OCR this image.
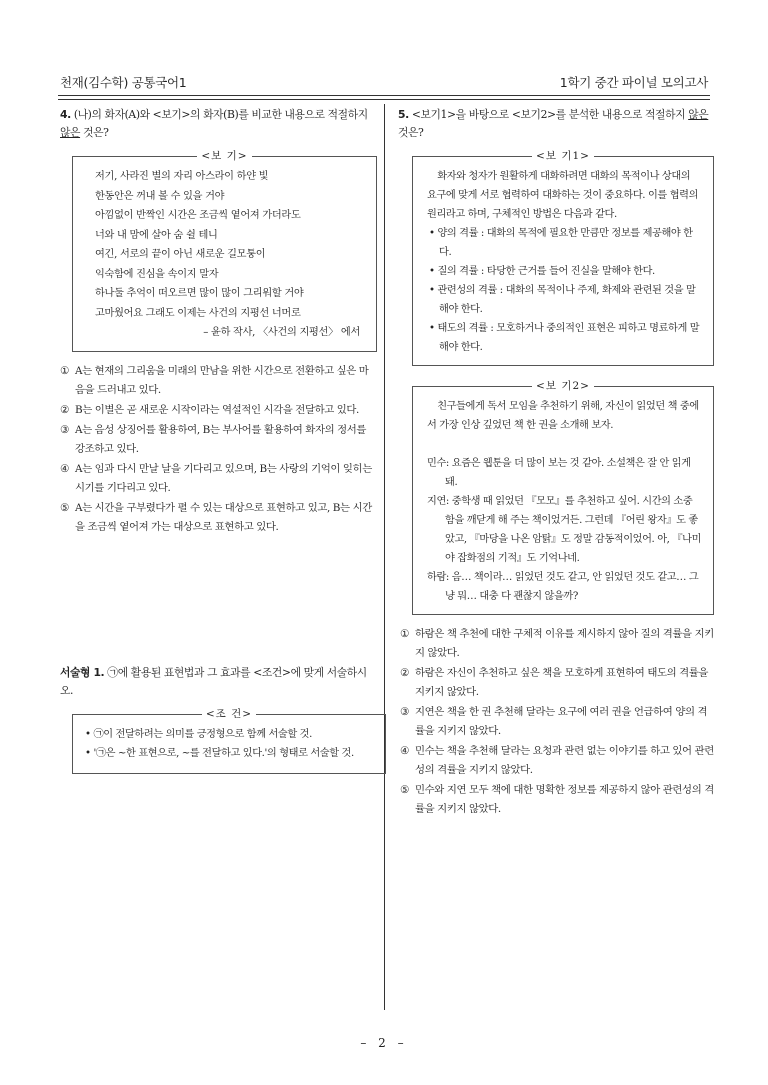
천재(김수학) 공통국어1	1학기 중간 파이널 모의고사
4. (나)의 화자(A)와 <보기>의 화자(B)를 비교한 내용으로 적절하지 않은 것은?
<보 기>
저기, 사라진 별의 자리 아스라이 하얀 빛
한동안은 꺼내 볼 수 있을 거야
아낌없이 반짝인 시간은 조금씩 옅어져 가더라도
너와 내 맘에 살아 숨 쉴 테니
여긴, 서로의 끝이 아닌 새로운 길모퉁이
익숙함에 진심을 속이지 말자
하나둘 추억이 떠오르면 많이 많이 그리워할 거야
고마웠어요 그래도 이제는 사건의 지평선 너머로
– 윤하 작사, 〈사건의 지평선〉 에서
① A는 현재의 그리움을 미래의 만남을 위한 시간으로 전환하고 싶은 마음을 드러내고 있다.
② B는 이별은 곧 새로운 시작이라는 역설적인 시각을 전달하고 있다.
③ A는 음성 상징어를 활용하여, B는 부사어를 활용하여 화자의 정서를 강조하고 있다.
④ A는 임과 다시 만날 날을 기다리고 있으며, B는 사랑의 기억이 잊히는 시기를 기다리고 있다.
⑤ A는 시간을 구부렸다가 펼 수 있는 대상으로 표현하고 있고, B는 시간을 조금씩 옅어져 가는 대상으로 표현하고 있다.
서술형 1. ㉠에 활용된 표현법과 그 효과를 <조건>에 맞게 서술하시오.
<조 건>
• ㉠이 전달하려는 의미를 긍정형으로 함께 서술할 것.
• '㉠은 ~한 표현으로, ~를 전달하고 있다.'의 형태로 서술할 것.
5. <보기1>을 바탕으로 <보기2>를 분석한 내용으로 적절하지 않은 것은?
<보 기1>
화자와 청자가 원활하게 대화하려면 대화의 목적이나 상대의 요구에 맞게 서로 협력하여 대화하는 것이 중요하다. 이를 협력의 원리라고 하며, 구체적인 방법은 다음과 같다.
• 양의 격률 : 대화의 목적에 필요한 만큼만 정보를 제공해야 한다.
• 질의 격률 : 타당한 근거를 들어 진실을 말해야 한다.
• 관련성의 격률 : 대화의 목적이나 주제, 화제와 관련된 것을 말해야 한다.
• 태도의 격률 : 모호하거나 중의적인 표현은 피하고 명료하게 말해야 한다.
<보 기2>
친구들에게 독서 모임을 추천하기 위해, 자신이 읽었던 책 중에서 가장 인상 깊었던 책 한 권을 소개해 보자.
민수: 요즘은 웹툰을 더 많이 보는 것 같아. 소설책은 잘 안 읽게 돼.
지연: 중학생 때 읽었던 『모모』를 추천하고 싶어. 시간의 소중함을 깨닫게 해 주는 책이었거든. 그런데 『어린 왕자』도 좋았고, 『마당을 나온 암탉』도 정말 감동적이었어. 아, 『나미야 잡화점의 기적』도 기억나네.
하람: 음… 책이라… 읽었던 것도 같고, 안 읽었던 것도 같고… 그냥 뭐… 대충 다 괜찮지 않을까?
① 하람은 책 추천에 대한 구체적 이유를 제시하지 않아 질의 격률을 지키지 않았다.
② 하람은 자신이 추천하고 싶은 책을 모호하게 표현하여 태도의 격률을 지키지 않았다.
③ 지연은 책을 한 권 추천해 달라는 요구에 여러 권을 언급하여 양의 격률을 지키지 않았다.
④ 민수는 책을 추천해 달라는 요청과 관련 없는 이야기를 하고 있어 관련성의 격률을 지키지 않았다.
⑤ 민수와 지연 모두 책에 대한 명확한 정보를 제공하지 않아 관련성의 격률을 지키지 않았다.
– 2 –
